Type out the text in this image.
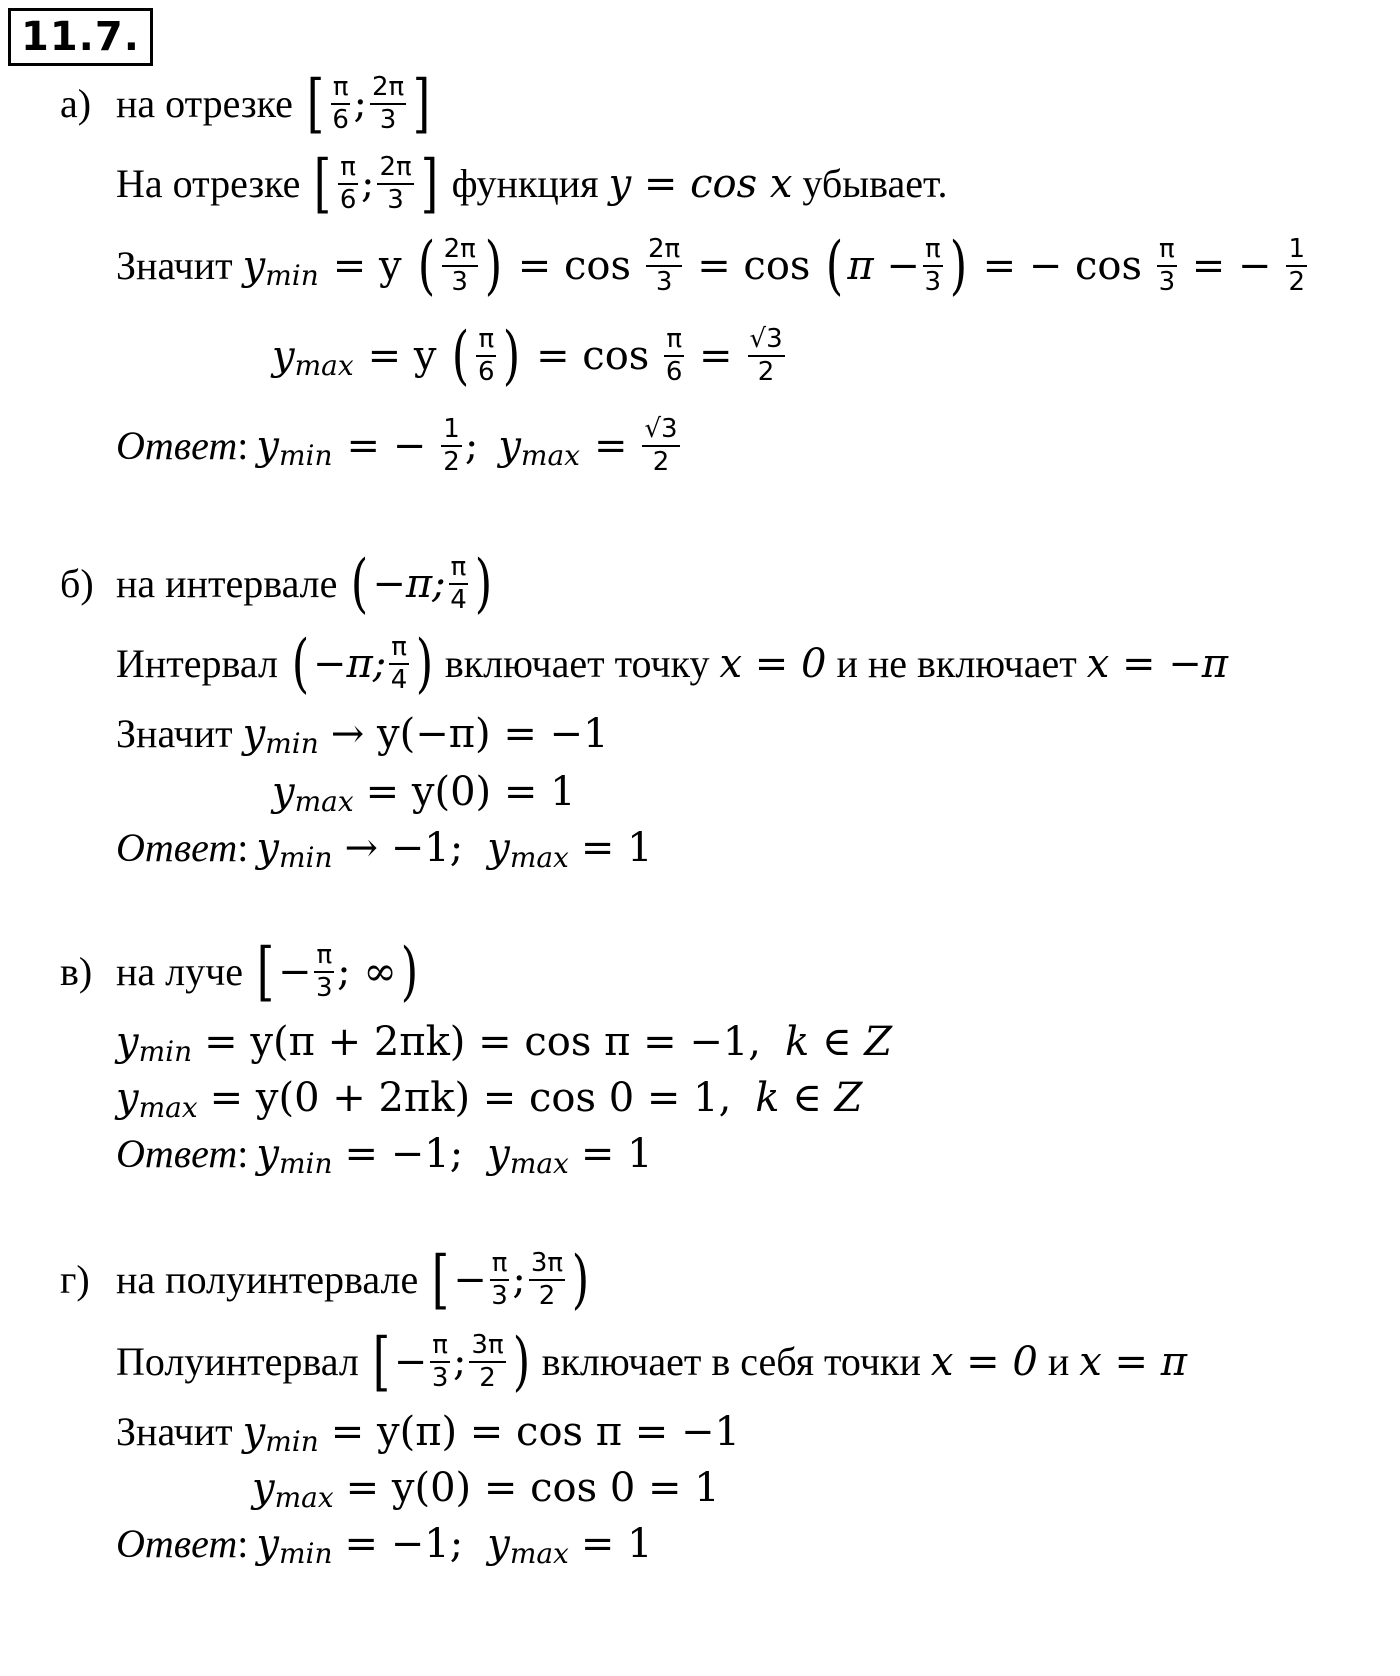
11.7.
а) на отрезке [ $\frac{\pi}{6}$ ; $\frac{2\pi}{3}$ ]
На отрезке [ $\frac{\pi}{6}$ ; $\frac{2\pi}{3}$ ] функция y = cos x убывает.
Значит y min = y ( $\frac{2\pi}{3}$ ) = $\cos \frac{2\pi}{3} = \cos$ ( $\pi - \frac{\pi}{3}$ ) = − $\cos \frac{\pi}{3}$ = − $\frac{1}{2}$
y max = y ( $\frac{\pi}{6}$ ) = $\cos \frac{\pi}{6} = \frac{√3}{2}$
Ответ : y min = − $\frac{1}{2}$ ; y $\max = \frac{√3}{2}$
б) на интервале ( −π; $\frac{\pi}{4}$ )
Интервал ( −π; $\frac{\pi}{4}$ ) включает точку x = 0 и не включает x = −π
Значит y min → y(−π) = −1
y max = y(0) = 1
Ответ : y min → −1; y max = 1
в) на луче [ − $\frac{\pi}{3}$ ; ∞ )
y min = y(π + 2πk) = cos π = −1, k ∈ Z
y max = y(0 + 2πk) = cos 0 = 1, k ∈ Z
Ответ : y min = −1; y max = 1
г) на полуинтервале [ − $\frac{\pi}{3}$ ; $\frac{3\pi}{2}$ )
Полуинтервал [ − $\frac{\pi}{3}$ ; $\frac{3\pi}{2}$ ) включает в себя точки x = 0 и x = π
Значит y min = y(π) = cos π = −1
y max = y(0) = cos 0 = 1
Ответ : y min = −1; y max = 1
